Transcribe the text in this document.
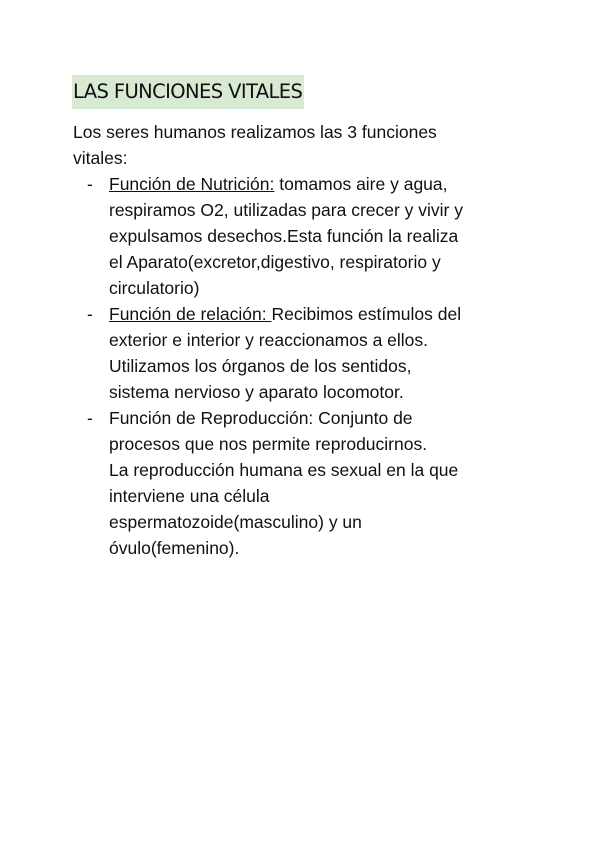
LAS FUNCIONES VITALES
Los seres humanos realizamos las 3 funciones
vitales:
- Función de Nutrición: tomamos aire y agua,
respiramos O2, utilizadas para crecer y vivir y
expulsamos desechos.Esta función la realiza
el Aparato(excretor,digestivo, respiratorio y
circulatorio)
- Función de relación: Recibimos estímulos del
exterior e interior y reaccionamos a ellos.
Utilizamos los órganos de los sentidos,
sistema nervioso y aparato locomotor.
- Función de Reproducción: Conjunto de
procesos que nos permite reproducirnos.
La reproducción humana es sexual en la que
interviene una célula
espermatozoide(masculino) y un
óvulo(femenino).
